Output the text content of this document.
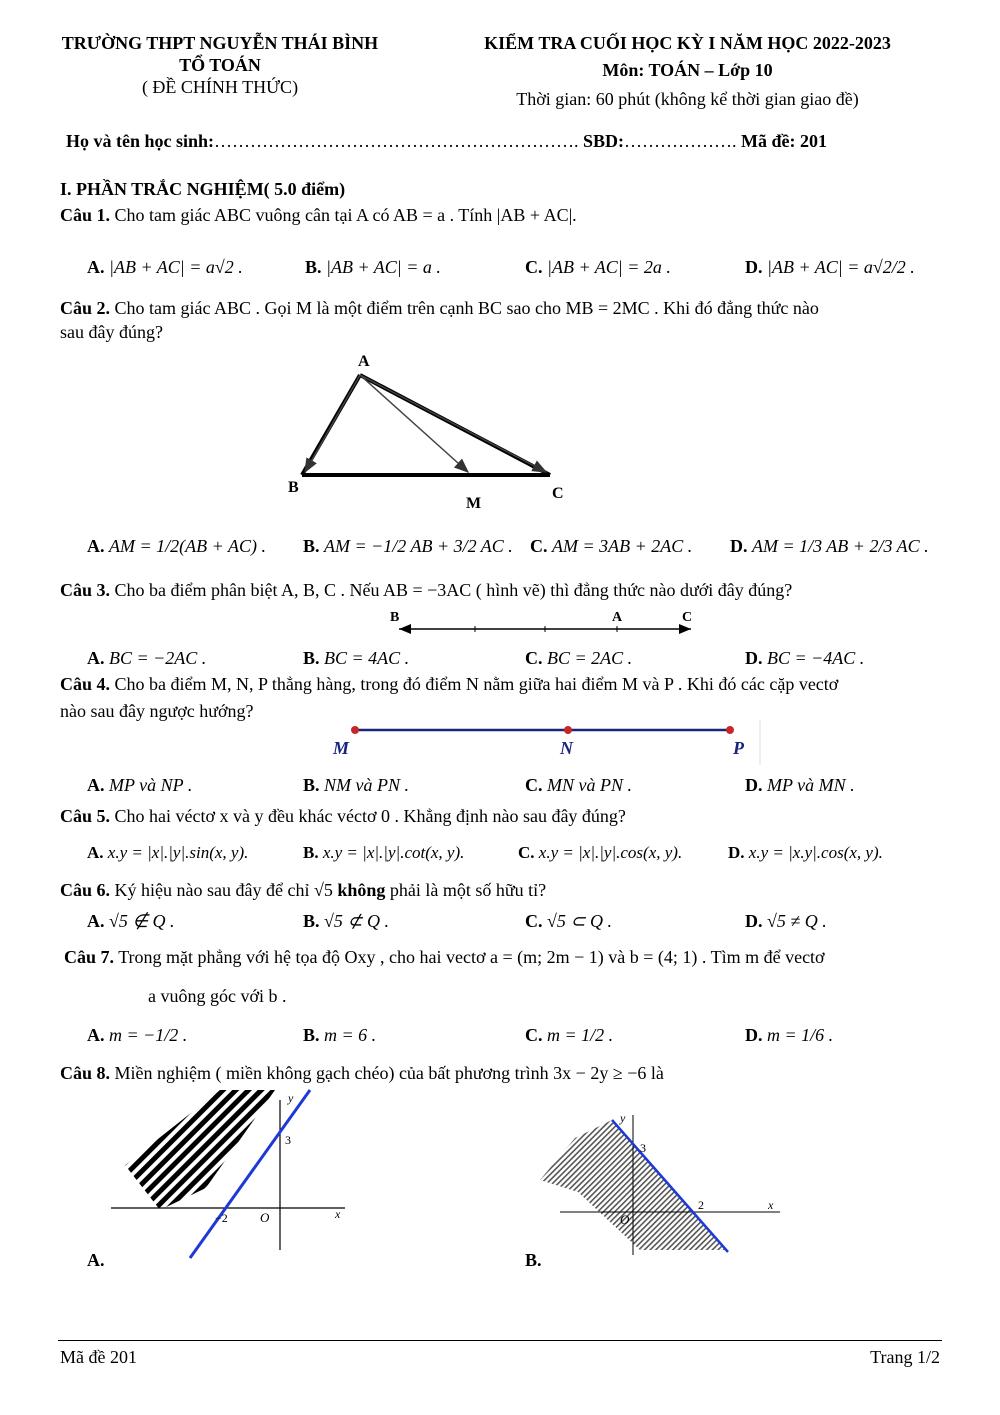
TRƯỜNG THPT NGUYỄN THÁI BÌNH
TỔ TOÁN
( ĐỀ CHÍNH THỨC)
KIỂM TRA CUỐI HỌC KỲ I NĂM HỌC 2022-2023
Môn: TOÁN – Lớp 10
Thời gian: 60 phút (không kể thời gian giao đề)
Họ và tên học sinh:……………………………………………………. SBD:………………. Mã đề: 201
I. PHẦN TRẮC NGHIỆM( 5.0 điểm)
Câu 1. Cho tam giác ABC vuông cân tại A có AB = a . Tính |AB + AC|.
A. |AB + AC| = a√2 .	B. |AB + AC| = a .	C. |AB + AC| = 2a .	D. |AB + AC| = a√2/2 .
Câu 2. Cho tam giác ABC . Gọi M là một điểm trên cạnh BC sao cho MB = 2MC . Khi đó đẳng thức nào
sau đây đúng?
A
B
M
C
A. AM = 1/2(AB + AC) . B. AM = −1/2 AB + 3/2 AC . C. AM = 3AB + 2AC . D. AM = 1/3 AB + 2/3 AC .
Câu 3. Cho ba điểm phân biệt A, B, C . Nếu AB = −3AC ( hình vẽ) thì đẳng thức nào dưới đây đúng?
B	A	C
A. BC = −2AC .	B. BC = 4AC .	C. BC = 2AC .	D. BC = −4AC .
Câu 4. Cho ba điểm M, N, P thẳng hàng, trong đó điểm N nằm giữa hai điểm M và P . Khi đó các cặp vectơ
nào sau đây ngược hướng?
M	N	P
A. MP và NP .	B. NM và PN .	C. MN và PN .	D. MP và MN .
Câu 5. Cho hai véctơ x và y đều khác véctơ 0 . Khẳng định nào sau đây đúng?
A. x.y = |x|.|y|.sin(x, y).	B. x.y = |x|.|y|.cot(x, y).	C. x.y = |x|.|y|.cos(x, y).	D. x.y = |x.y|.cos(x, y).
Câu 6. Ký hiệu nào sau đây để chỉ √5 không phải là một số hữu tỉ?
A. √5 ∉ Q .	B. √5 ⊄ Q .	C. √5 ⊂ Q .	D. √5 ≠ Q .
Câu 7. Trong mặt phẳng với hệ tọa độ Oxy , cho hai vectơ a = (m; 2m − 1) và b = (4; 1) . Tìm m để vectơ
a vuông góc với b .
A. m = −1/2 .	B. m = 6 .	C. m = 1/2 .	D. m = 1/6 .
Câu 8. Miền nghiệm ( miền không gạch chéo) của bất phương trình 3x − 2y ≥ −6 là
y
3
−2 O	x
A.
y
3
2	x
O
B.
Mã đề 201	Trang 1/2
